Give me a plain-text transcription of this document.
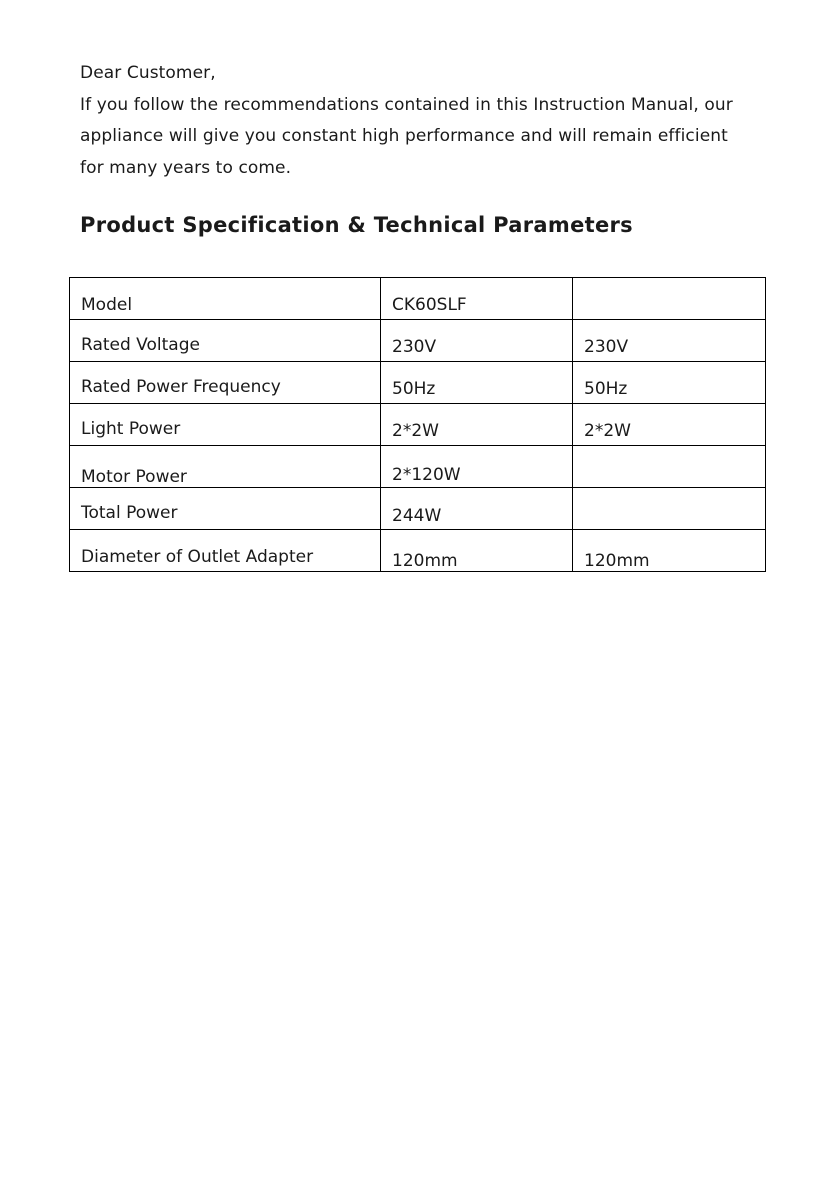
Dear Customer,

If you follow the recommendations contained in this Instruction Manual, our

appliance will give you constant high performance and will remain efficient

for many years to come.

Product Specification & Technical Parameters
Model	CK60SLF	
Rated Voltage	230V	230V
Rated Power Frequency	50Hz	50Hz
Light Power	2*2W	2*2W
Motor Power	2*120W	
Total Power	244W	
Diameter of Outlet Adapter	120mm	120mm
